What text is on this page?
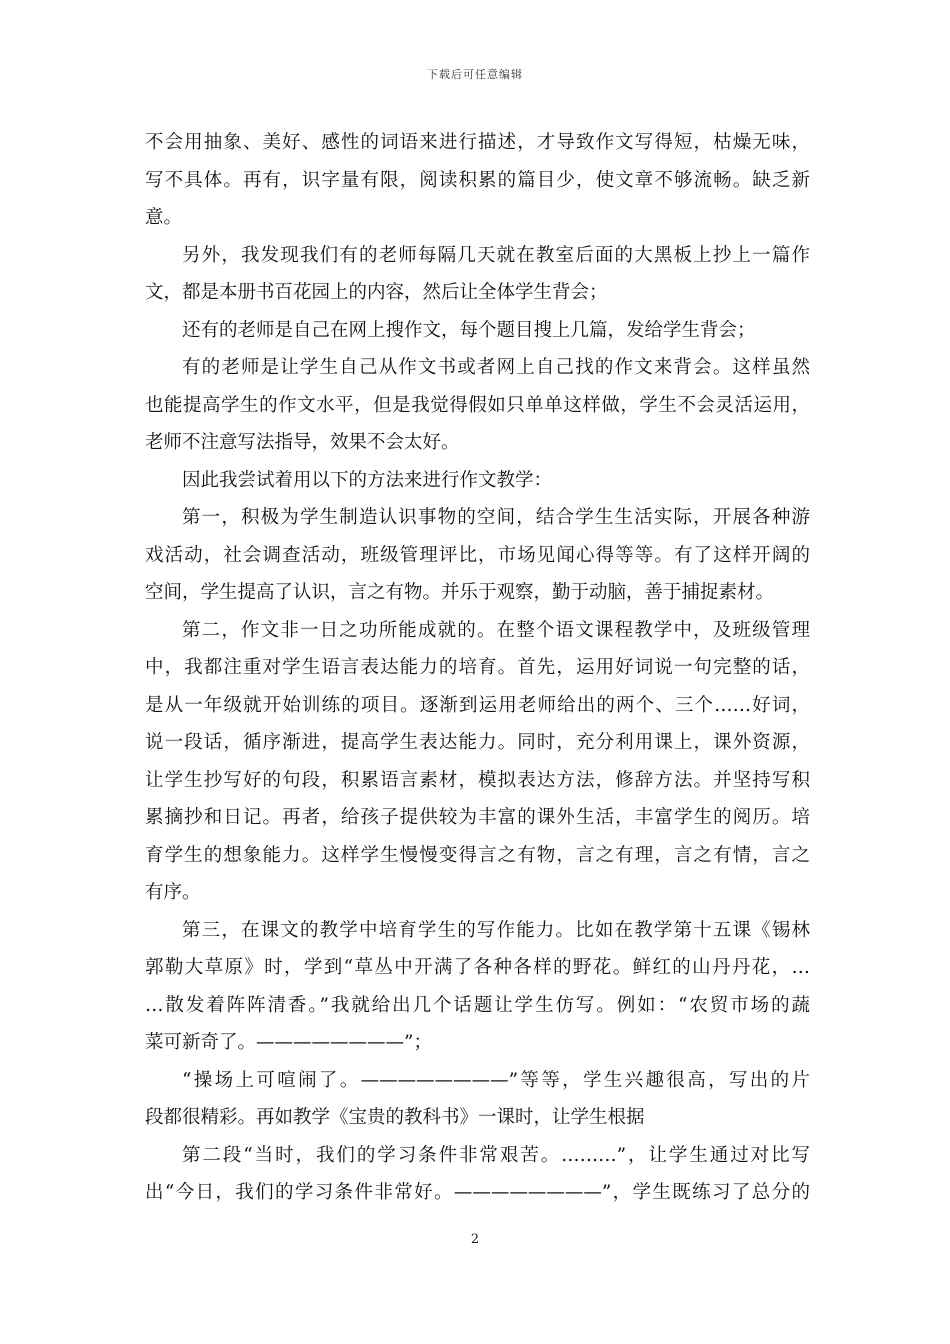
下载后可任意编辑
不会用抽象、美好、感性的词语来进行描述，才导致作文写得短，枯燥无味，
写不具体。再有，识字量有限，阅读积累的篇目少，使文章不够流畅。缺乏新
意。
另外，我发现我们有的老师每隔几天就在教室后面的大黑板上抄上一篇作
文，都是本册书百花园上的内容，然后让全体学生背会；
还有的老师是自己在网上搜作文，每个题目搜上几篇，发给学生背会；
有的老师是让学生自己从作文书或者网上自己找的作文来背会。这样虽然
也能提高学生的作文水平，但是我觉得假如只单单这样做，学生不会灵活运用，
老师不注意写法指导，效果不会太好。
因此我尝试着用以下的方法来进行作文教学：
第一，积极为学生制造认识事物的空间，结合学生生活实际，开展各种游
戏活动，社会调查活动，班级管理评比，市场见闻心得等等。有了这样开阔的
空间，学生提高了认识，言之有物。并乐于观察，勤于动脑，善于捕捉素材。
第二，作文非一日之功所能成就的。在整个语文课程教学中，及班级管理
中，我都注重对学生语言表达能力的培育。首先，运用好词说一句完整的话，
是从一年级就开始训练的项目。逐渐到运用老师给出的两个、三个……好词，
说一段话，循序渐进，提高学生表达能力。同时，充分利用课上，课外资源，
让学生抄写好的句段，积累语言素材，模拟表达方法，修辞方法。并坚持写积
累摘抄和日记。再者，给孩子提供较为丰富的课外生活，丰富学生的阅历。培
育学生的想象能力。这样学生慢慢变得言之有物，言之有理，言之有情，言之
有序。
第三，在课文的教学中培育学生的写作能力。比如在教学第十五课《锡林
郭勒大草原》时，学到“草丛中开满了各种各样的野花。鲜红的山丹丹花，…
…散发着阵阵清香。”我就给出几个话题让学生仿写。例如：“农贸市场的蔬
菜可新奇了。————————”；
“操场上可喧闹了。————————”等等，学生兴趣很高，写出的片
段都很精彩。再如教学《宝贵的教科书》一课时，让学生根据
第二段“当时，我们的学习条件非常艰苦。………”，让学生通过对比写
出“今日，我们的学习条件非常好。————————”，学生既练习了总分的
2
